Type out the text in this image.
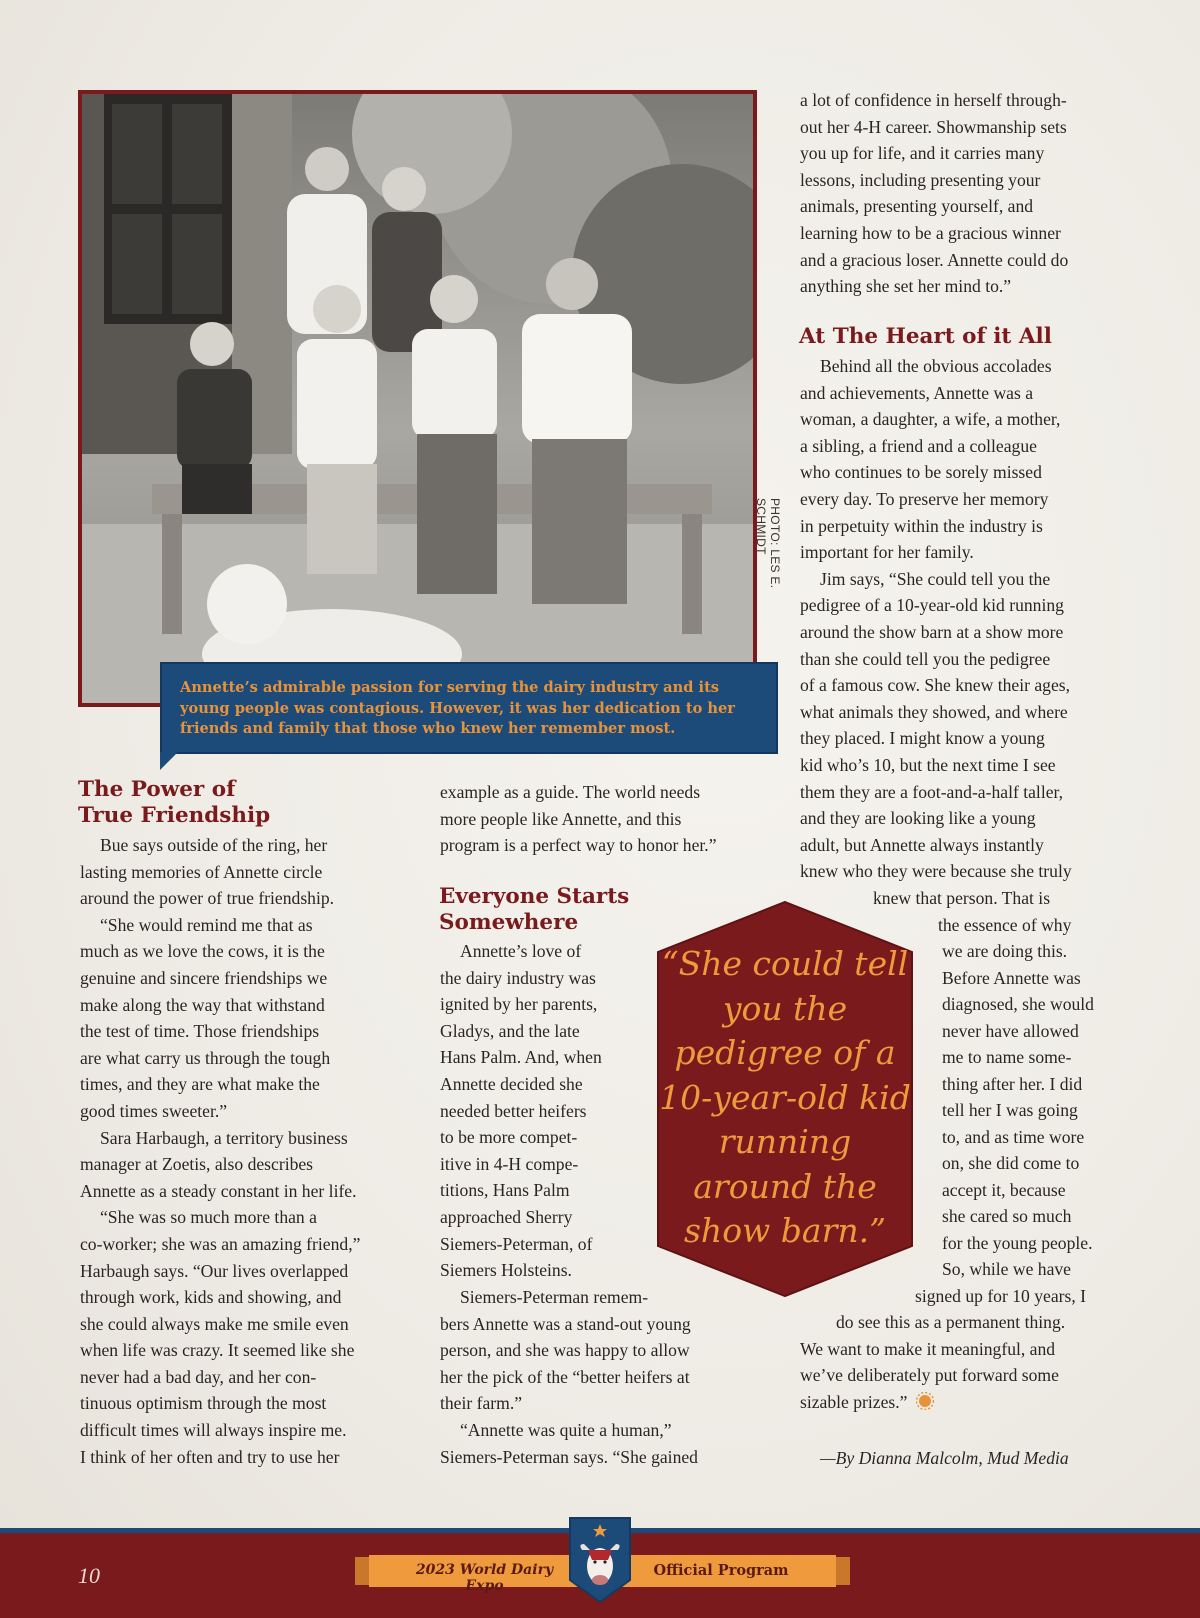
PHOTO: LES E. SCHMIDT
Annette’s admirable passion for serving the dairy industry and its young people was contagious. However, it was her dedication to her friends and family that those who knew her remember most.

a lot of confidence in herself through-

out her 4-H career. Showmanship sets

you up for life, and it carries many

lessons, including presenting your

animals, presenting yourself, and

learning how to be a gracious winner

and a gracious loser. Annette could do

anything she set her mind to.”

At The Heart of it All

Behind all the obvious accolades

and achievements, Annette was a

woman, a daughter, a wife, a mother,

a sibling, a friend and a colleague

who continues to be sorely missed

every day. To preserve her memory

in perpetuity within the industry is

important for her family.

Jim says, “She could tell you the

pedigree of a 10-year-old kid running

around the show barn at a show more

than she could tell you the pedigree

of a famous cow. She knew their ages,

what animals they showed, and where

they placed. I might know a young

kid who’s 10, but the next time I see

them they are a foot-and-a-half taller,

and they are looking like a young

adult, but Annette always instantly

knew who they were because she truly

knew that person. That is
the essence of why
we are doing this.
Before Annette was
diagnosed, she would
never have allowed
me to name some-
thing after her. I did
tell her I was going
to, and as time wore
on, she did come to
accept it, because
she cared so much
for the young people.
So, while we have
signed up for 10 years, I
do see this as a permanent thing.
We want to make it meaningful, and
we’ve deliberately put forward some
sizable prizes.”
—By Dianna Malcolm, Mud Media
“She could tell you the pedigree of a 10-year-old kid running around the show barn.”
The Power of
True Friendship

Bue says outside of the ring, her

lasting memories of Annette circle

around the power of true friendship.

“She would remind me that as

much as we love the cows, it is the

genuine and sincere friendships we

make along the way that withstand

the test of time. Those friendships

are what carry us through the tough

times, and they are what make the

good times sweeter.”

Sara Harbaugh, a territory business

manager at Zoetis, also describes

Annette as a steady constant in her life.

“She was so much more than a

co-worker; she was an amazing friend,”

Harbaugh says. “Our lives overlapped

through work, kids and showing, and

she could always make me smile even

when life was crazy. It seemed like she

never had a bad day, and her con-

tinuous optimism through the most

difficult times will always inspire me.

I think of her often and try to use her

example as a guide. The world needs

more people like Annette, and this

program is a perfect way to honor her.”

Everyone Starts
Somewhere

Annette’s love of

the dairy industry was

ignited by her parents,

Gladys, and the late

Hans Palm. And, when

Annette decided she

needed better heifers

to be more compet-

itive in 4-H compe-

titions, Hans Palm

approached Sherry

Siemers-Peterman, of

Siemers Holsteins.

Siemers-Peterman remem-

bers Annette was a stand-out young

person, and she was happy to allow

her the pick of the “better heifers at

their farm.”

“Annette was quite a human,”

Siemers-Peterman says. “She gained

10	2023 World Dairy Expo
Official Program
